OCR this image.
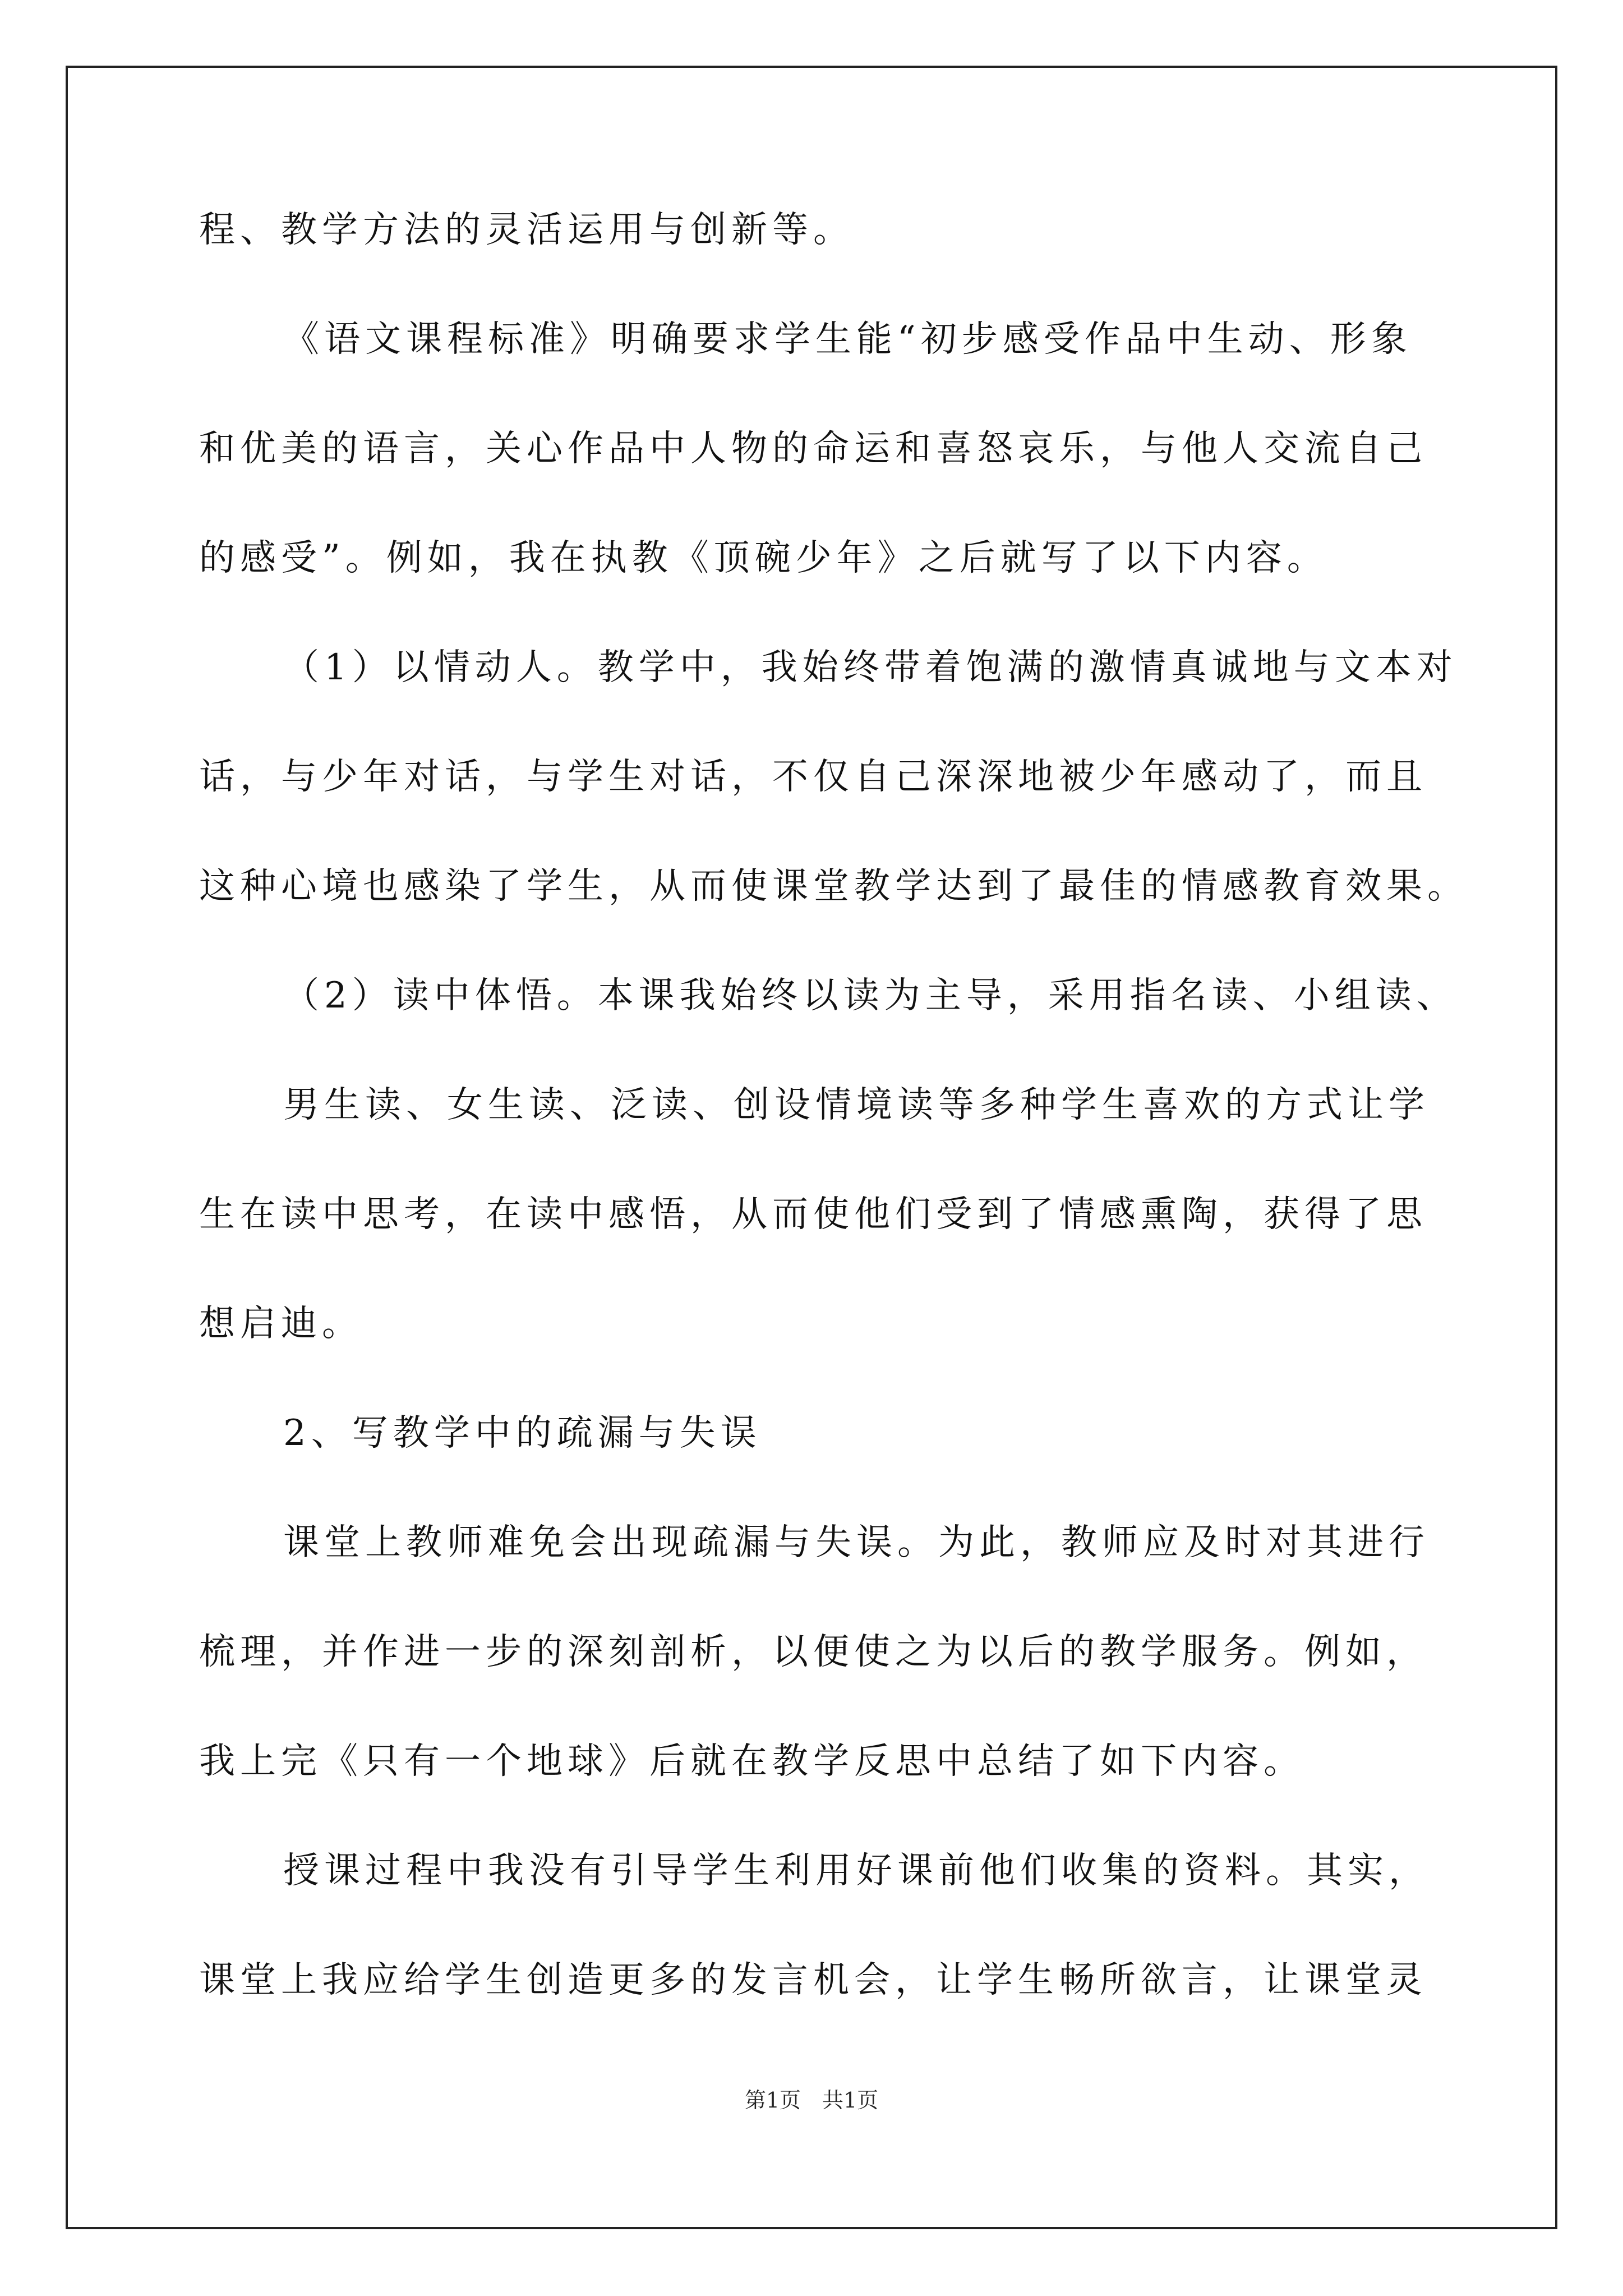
程、教学方法的灵活运用与创新等。
《语文课程标准》明确要求学生能“初步感受作品中生动、形象
和优美的语言，关心作品中人物的命运和喜怒哀乐，与他人交流自己
的感受”。例如，我在执教《顶碗少年》之后就写了以下内容。
（1）以情动人。教学中，我始终带着饱满的激情真诚地与文本对
话，与少年对话，与学生对话，不仅自己深深地被少年感动了，而且
这种心境也感染了学生，从而使课堂教学达到了最佳的情感教育效果。
（2）读中体悟。本课我始终以读为主导，采用指名读、小组读、
男生读、女生读、泛读、创设情境读等多种学生喜欢的方式让学
生在读中思考，在读中感悟，从而使他们受到了情感熏陶，获得了思
想启迪。
2、写教学中的疏漏与失误
课堂上教师难免会出现疏漏与失误。为此，教师应及时对其进行
梳理，并作进一步的深刻剖析，以便使之为以后的教学服务。例如，
我上完《只有一个地球》后就在教学反思中总结了如下内容。
授课过程中我没有引导学生利用好课前他们收集的资料。其实，
课堂上我应给学生创造更多的发言机会，让学生畅所欲言，让课堂灵
第1页　共1页
